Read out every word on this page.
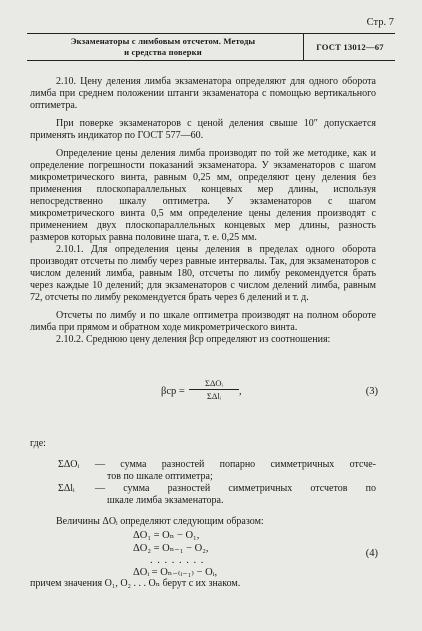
Стр. 7
Экзаменаторы с лимбовым отсчетом. Методы
и средства поверки	ГОСТ 13012—67

2.10. Цену деления лимба экзаменатора определяют для одного оборота лимба при среднем положении штанги экзаменатора с помощью вертикального оптиметра.

При поверке экзаменаторов с ценой деления свыше 10″ допускается применять индикатор по ГОСТ 577—60.

Определение цены деления лимба производят по той же методике, как и определение погрешности показаний экзаменатора. У экзаменаторов с шагом микрометрического винта, равным 0,25 мм, определяют цену деления без применения плоскопараллельных концевых мер длины, используя непосредственно шкалу оптиметра. У экзаменаторов с шагом микрометрического винта 0,5 мм определение цены деления производят с применением двух плоскопараллельных концевых мер длины, разность размеров которых равна половине шага, т. е. 0,25 мм.

2.10.1. Для определения цены деления в пределах одного оборота производят отсчеты по лимбу через равные интервалы. Так, для экзаменаторов с числом делений лимба, равным 180, отсчеты по лимбу рекомендуется брать через каждые 10 делений; для экзаменаторов с числом делений лимба, равным 72, отсчеты по лимбу рекомендуется брать через 6 делений и т. д.

Отсчеты по лимбу и по шкале оптиметра производят на полном обороте лимба при прямом и обратном ходе микрометрического винта.

2.10.2. Среднюю цену деления βср определяют из соотношения:

βср =
ΣΔOᵢ
ΣΔlᵢ	,	(3)
где:
ΣΔOᵢ — сумма разностей попарно симметричных отсче-
тов по шкале оптиметра;
ΣΔlᵢ — сумма разностей симметричных отсчетов по
шкале лимба экзаменатора.
Величины ΔOᵢ определяют следующим образом:
ΔO₁ = Oₙ − O₁,
ΔO₂ = Oₙ₋₁ − O₂,
. . . . . . . .
ΔOᵢ = Oₙ₋₍ᵢ₋₁₎ − Oᵢ,
(4)
причем значения O₁, O₂ . . . Oₙ берут с их знаком.
